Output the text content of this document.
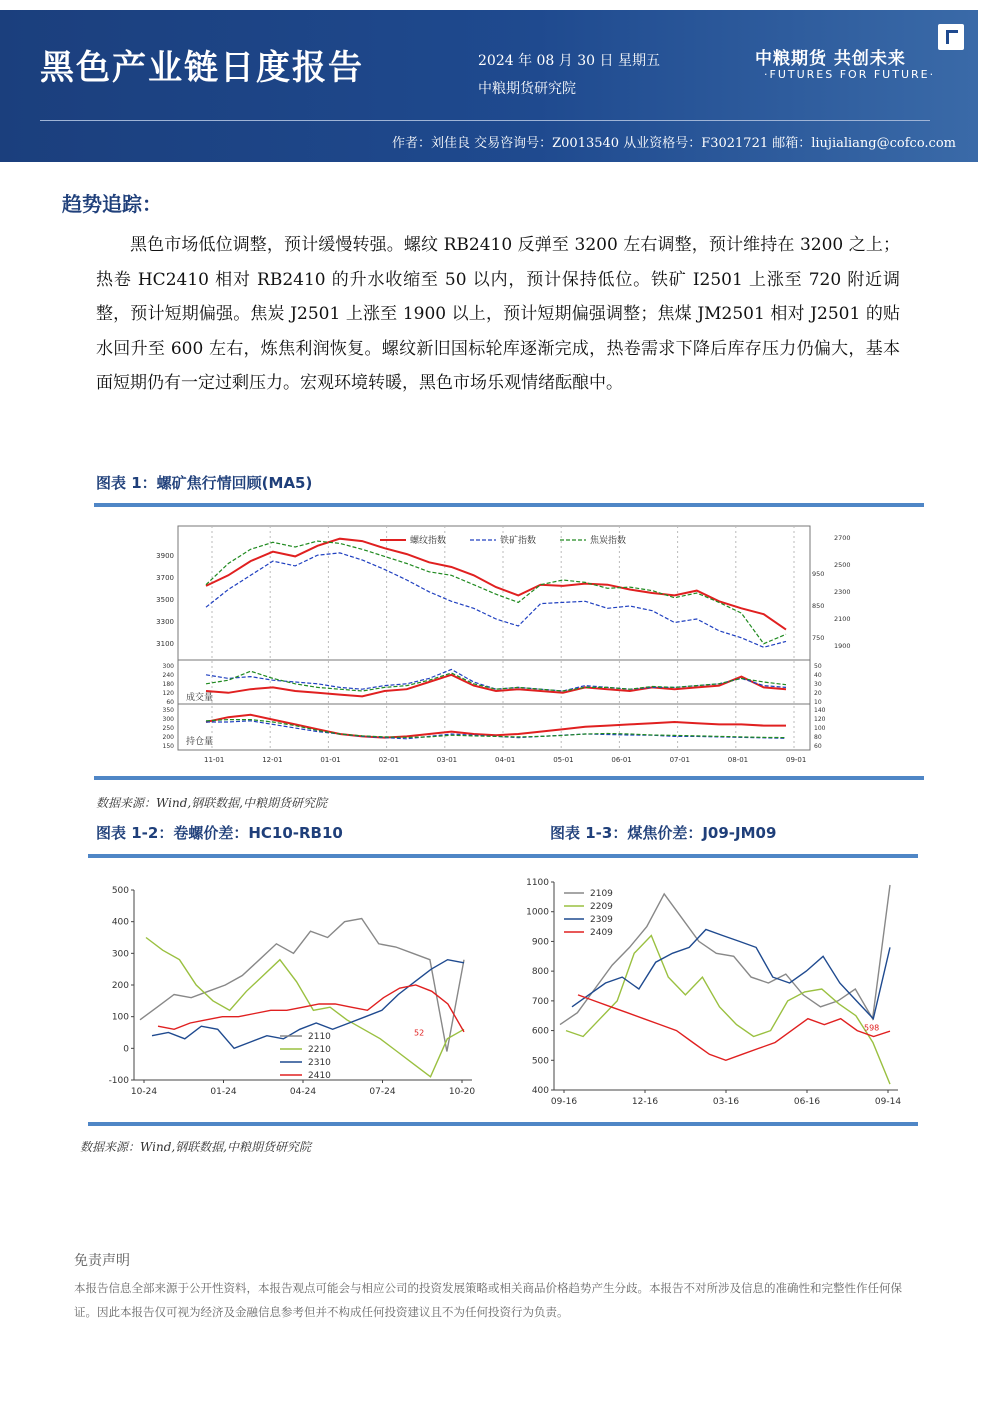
黑色产业链日度报告	2024 年 08 月 30 日 星期五
中粮期货研究院
中粮期货 共创未来
·FUTURES FOR FUTURE·
作者：刘佳良 交易咨询号：Z0013540 从业资格号：F3021721 邮箱：liujialiang@cofco.com
趋势追踪：
黑色市场低位调整，预计缓慢转强。螺纹 RB2410 反弹至 3200 左右调整，预计维持在 3200 之上；热卷 HC2410 相对 RB2410 的升水收缩至 50 以内，预计保持低位。铁矿 I2501 上涨至 720 附近调整，预计短期偏强。焦炭 J2501 上涨至 1900 以上，预计短期偏强调整；焦煤 JM2501 相对 J2501 的贴水回升至 600 左右，炼焦利润恢复。螺纹新旧国标轮库逐渐完成，热卷需求下降后库存压力仍偏大，基本面短期仍有一定过剩压力。宏观环境转暖，黑色市场乐观情绪酝酿中。
图表 1：螺矿焦行情回顾(MA5)
11-01	12-01	01-01	02-01	03-01	04-01	05-01	06-01	07-01	08-01	09-01
3900
3700
3500
3300
3100
950
850
750
2700
2500
2300
2100
1900
300
240
180
120
60
50
40
30
20
10
350
300
250
200
150
140
120
100
80
60
成交量
持仓量
螺纹指数	铁矿指数	焦炭指数
数据来源：Wind,钢联数据,中粮期货研究院
图表 1-2：卷螺价差：HC10-RB10	图表 1-3：煤焦价差：J09-JM09
500
400
300
200
100
0
-100
10-24	01-24	04-24	07-24	10-20
52
2110
2210
2310
2410
1100
1000
900
800
700
600
500
400
09-16	12-16	03-16	06-16	09-14
598
2109
2209
2309
2409
数据来源：Wind,钢联数据,中粮期货研究院
免责声明
本报告信息全部来源于公开性资料，本报告观点可能会与相应公司的投资发展策略或相关商品价格趋势产生分歧。本报告不对所涉及信息的准确性和完整性作任何保证。因此本报告仅可视为经济及金融信息参考但并不构成任何投资建议且不为任何投资行为负责。
